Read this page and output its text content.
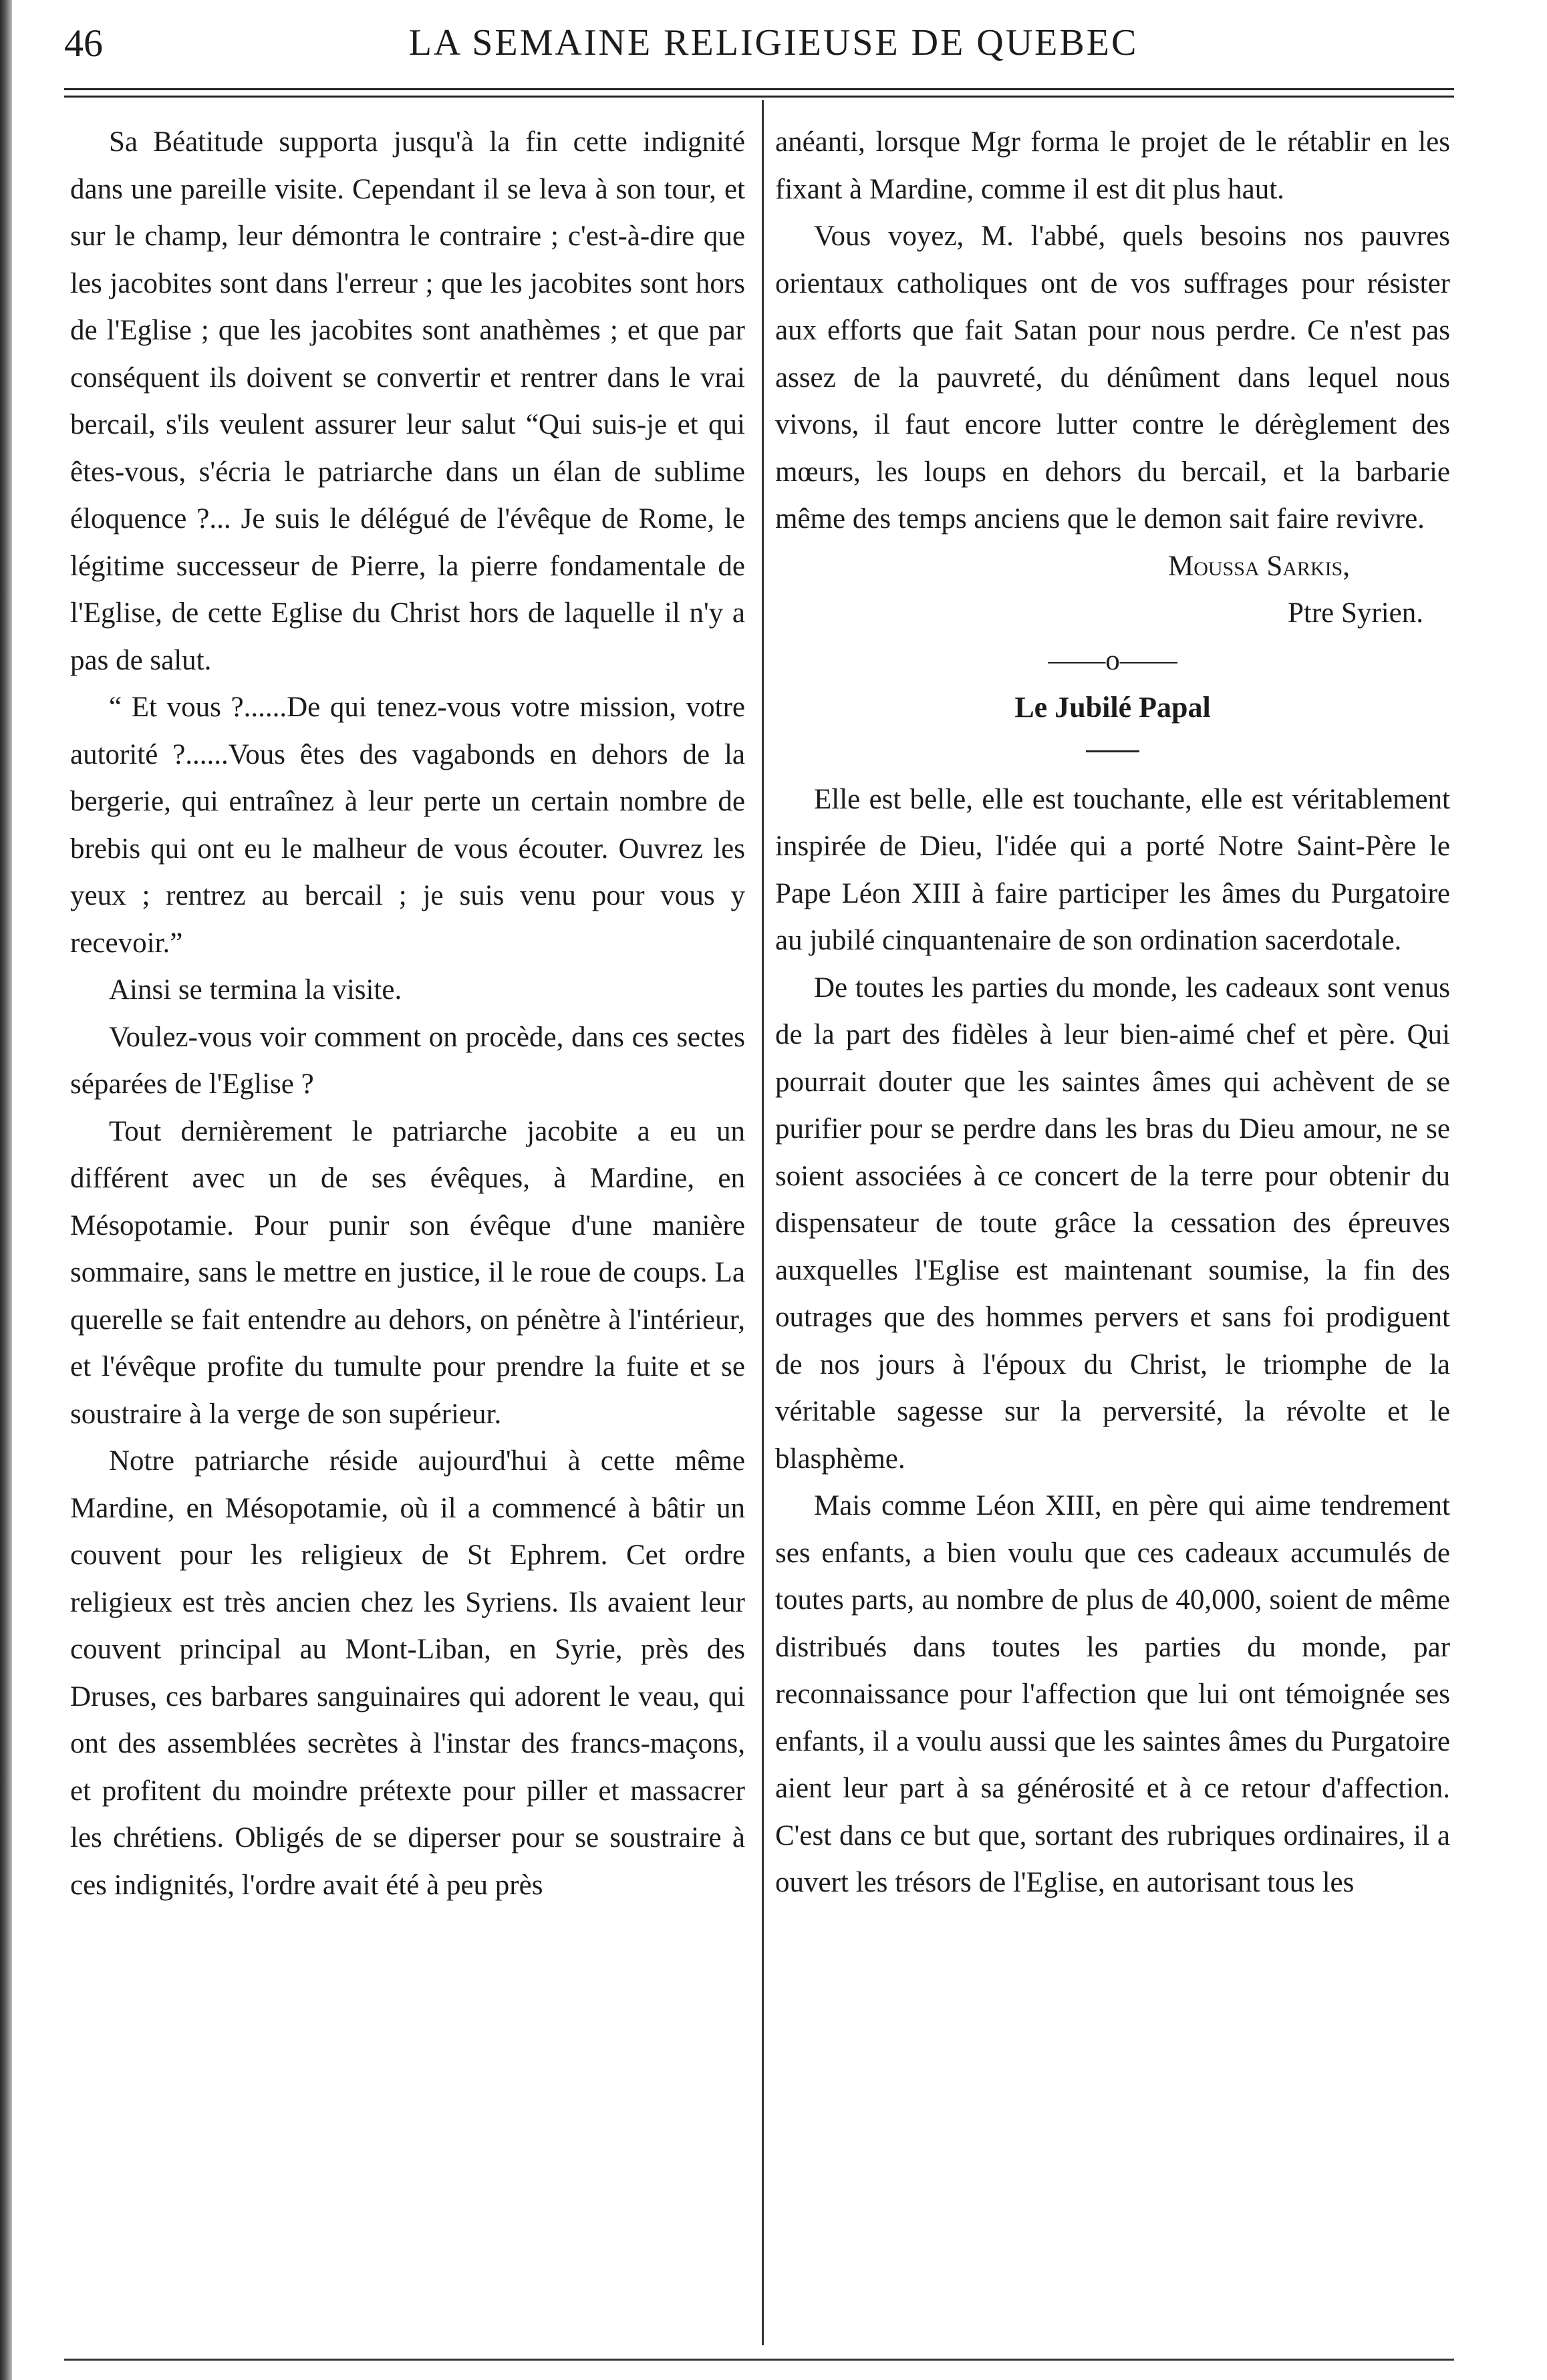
46	LA SEMAINE RELIGIEUSE DE QUEBEC

Sa Béatitude supporta jusqu'à la fin cette indignité dans une pareille visite. Cependant il se leva à son tour, et sur le champ, leur démontra le contraire ; c'est-à-dire que les jacobites sont dans l'erreur ; que les jacobites sont hors de l'Eglise ; que les jacobites sont anathèmes ; et que par conséquent ils doivent se convertir et rentrer dans le vrai bercail, s'ils veulent assurer leur salut “Qui suis-je et qui êtes-vous, s'écria le patriarche dans un élan de sublime éloquence ?... Je suis le délégué de l'évêque de Rome, le légitime successeur de Pierre, la pierre fondamentale de l'Eglise, de cette Eglise du Christ hors de laquelle il n'y a pas de salut.

“ Et vous ?......De qui tenez-vous votre mission, votre autorité ?......Vous êtes des vagabonds en dehors de la bergerie, qui entraînez à leur perte un certain nombre de brebis qui ont eu le malheur de vous écouter. Ouvrez les yeux ; rentrez au bercail ; je suis venu pour vous y recevoir.”

Ainsi se termina la visite.

Voulez-vous voir comment on procède, dans ces sectes séparées de l'Eglise ?

Tout dernièrement le patriarche jacobite a eu un différent avec un de ses évêques, à Mardine, en Mésopotamie. Pour punir son évêque d'une manière sommaire, sans le mettre en justice, il le roue de coups. La querelle se fait entendre au dehors, on pénètre à l'intérieur, et l'évêque profite du tumulte pour prendre la fuite et se soustraire à la verge de son supérieur.

Notre patriarche réside aujourd'hui à cette même Mardine, en Mésopotamie, où il a commencé à bâtir un couvent pour les religieux de St Ephrem. Cet ordre religieux est très ancien chez les Syriens. Ils avaient leur couvent principal au Mont-Liban, en Syrie, près des Druses, ces barbares sanguinaires qui adorent le veau, qui ont des assemblées secrètes à l'instar des francs-maçons, et profitent du moindre prétexte pour piller et massacrer les chrétiens. Obligés de se diperser pour se soustraire à ces indignités, l'ordre avait été à peu près

anéanti, lorsque Mgr forma le projet de le rétablir en les fixant à Mardine, comme il est dit plus haut.

Vous voyez, M. l'abbé, quels besoins nos pauvres orientaux catholiques ont de vos suffrages pour résister aux efforts que fait Satan pour nous perdre. Ce n'est pas assez de la pauvreté, du dénûment dans lequel nous vivons, il faut encore lutter contre le dérèglement des mœurs, les loups en dehors du bercail, et la barbarie même des temps anciens que le demon sait faire revivre.

Moussa Sarkis,

Ptre Syrien.

——o——

Le Jubilé Papal

Elle est belle, elle est touchante, elle est véritablement inspirée de Dieu, l'idée qui a porté Notre Saint-Père le Pape Léon XIII à faire participer les âmes du Purgatoire au jubilé cinquantenaire de son ordination sacerdotale.

De toutes les parties du monde, les cadeaux sont venus de la part des fidèles à leur bien-aimé chef et père. Qui pourrait douter que les saintes âmes qui achèvent de se purifier pour se perdre dans les bras du Dieu amour, ne se soient associées à ce concert de la terre pour obtenir du dispensateur de toute grâce la cessation des épreuves auxquelles l'Eglise est maintenant soumise, la fin des outrages que des hommes pervers et sans foi prodiguent de nos jours à l'époux du Christ, le triomphe de la véritable sagesse sur la perversité, la révolte et le blasphème.

Mais comme Léon XIII, en père qui aime tendrement ses enfants, a bien voulu que ces cadeaux accumulés de toutes parts, au nombre de plus de 40,000, soient de même distribués dans toutes les parties du monde, par reconnaissance pour l'affection que lui ont témoignée ses enfants, il a voulu aussi que les saintes âmes du Purgatoire aient leur part à sa générosité et à ce retour d'affection. C'est dans ce but que, sortant des rubriques ordinaires, il a ouvert les trésors de l'Eglise, en autorisant tous les
